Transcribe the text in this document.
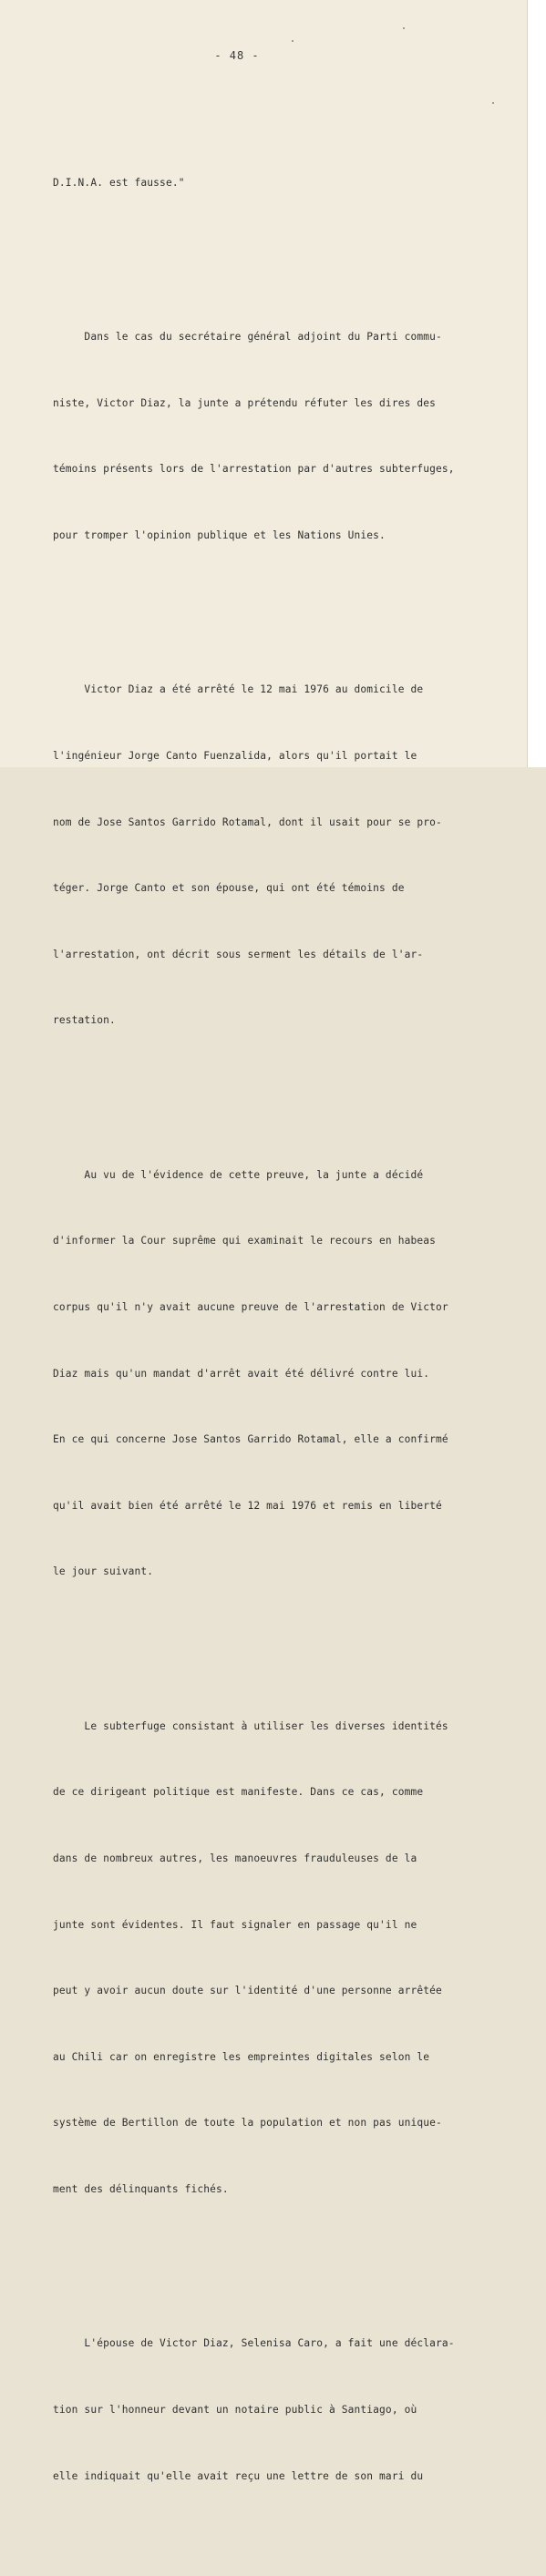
- 48 -

D.I.N.A. est fausse."

Dans le cas du secrétaire général adjoint du Parti commu-

niste, Victor Diaz, la junte a prétendu réfuter les dires des

témoins présents lors de l'arrestation par d'autres subterfuges,

pour tromper l'opinion publique et les Nations Unies.

Victor Diaz a été arrêté le 12 mai 1976 au domicile de

l'ingénieur Jorge Canto Fuenzalida, alors qu'il portait le

nom de Jose Santos Garrido Rotamal, dont il usait pour se pro-

téger. Jorge Canto et son épouse, qui ont été témoins de

l'arrestation, ont décrit sous serment les détails de l'ar-

restation.

Au vu de l'évidence de cette preuve, la junte a décidé

d'informer la Cour suprême qui examinait le recours en habeas

corpus qu'il n'y avait aucune preuve de l'arrestation de Victor

Diaz mais qu'un mandat d'arrêt avait été délivré contre lui.

En ce qui concerne Jose Santos Garrido Rotamal, elle a confirmé

qu'il avait bien été arrêté le 12 mai 1976 et remis en liberté

le jour suivant.

Le subterfuge consistant à utiliser les diverses identités

de ce dirigeant politique est manifeste. Dans ce cas, comme

dans de nombreux autres, les manoeuvres frauduleuses de la

junte sont évidentes. Il faut signaler en passage qu'il ne

peut y avoir aucun doute sur l'identité d'une personne arrêtée

au Chili car on enregistre les empreintes digitales selon le

système de Bertillon de toute la population et non pas unique-

ment des délinquants fichés.

L'épouse de Victor Diaz, Selenisa Caro, a fait une déclara-

tion sur l'honneur devant un notaire public à Santiago, où

elle indiquait qu'elle avait reçu une lettre de son mari du
